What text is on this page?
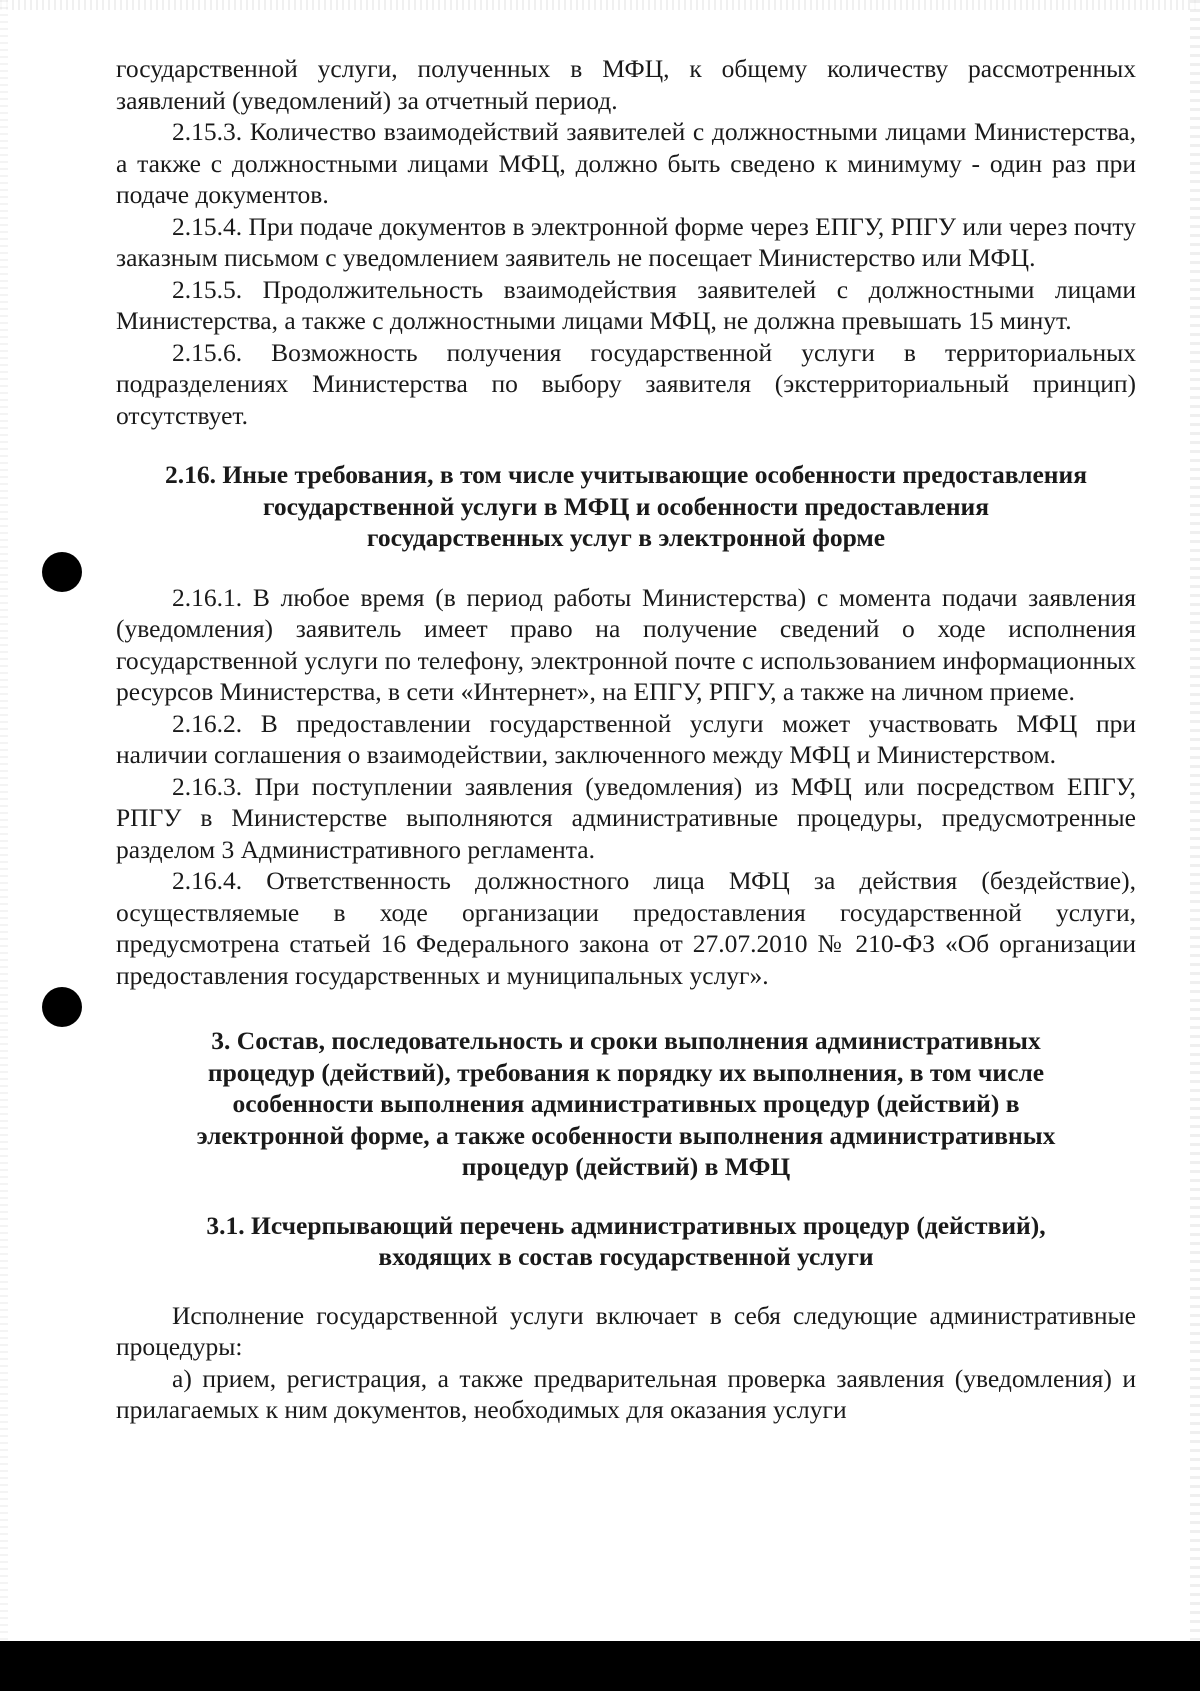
государственной услуги, полученных в МФЦ, к общему количеству рассмотренных заявлений (уведомлений) за отчетный период.

2.15.3. Количество взаимодействий заявителей с должностными лицами Министерства, а также с должностными лицами МФЦ, должно быть сведено к минимуму - один раз при подаче документов.

2.15.4. При подаче документов в электронной форме через ЕПГУ, РПГУ или через почту заказным письмом с уведомлением заявитель не посещает Министерство или МФЦ.

2.15.5. Продолжительность взаимодействия заявителей с должностными лицами Министерства, а также с должностными лицами МФЦ, не должна превышать 15 минут.

2.15.6. Возможность получения государственной услуги в территориальных подразделениях Министерства по выбору заявителя (экстерриториальный принцип) отсутствует.

2.16. Иные требования, в том числе учитывающие особенности предоставления
государственной услуги в МФЦ и особенности предоставления
государственных услуг в электронной форме

2.16.1. В любое время (в период работы Министерства) с момента подачи заявления (уведомления) заявитель имеет право на получение сведений о ходе исполнения государственной услуги по телефону, электронной почте с использованием информационных ресурсов Министерства, в сети «Интернет», на ЕПГУ, РПГУ, а также на личном приеме.

2.16.2. В предоставлении государственной услуги может участвовать МФЦ при наличии соглашения о взаимодействии, заключенного между МФЦ и Министерством.

2.16.3. При поступлении заявления (уведомления) из МФЦ или посредством ЕПГУ, РПГУ в Министерстве выполняются административные процедуры, предусмотренные разделом 3 Административного регламента.

2.16.4. Ответственность должностного лица МФЦ за действия (бездействие), осуществляемые в ходе организации предоставления государственной услуги, предусмотрена статьей 16 Федерального закона от 27.07.2010 № 210-ФЗ «Об организации предоставления государственных и муниципальных услуг».

3. Состав, последовательность и сроки выполнения административных
процедур (действий), требования к порядку их выполнения, в том числе
особенности выполнения административных процедур (действий) в
электронной форме, а также особенности выполнения административных
процедур (действий) в МФЦ
3.1. Исчерпывающий перечень административных процедур (действий),
входящих в состав государственной услуги

Исполнение государственной услуги включает в себя следующие административные процедуры:

а) прием, регистрация, а также предварительная проверка заявления (уведомления) и прилагаемых к ним документов, необходимых для оказания услуги
